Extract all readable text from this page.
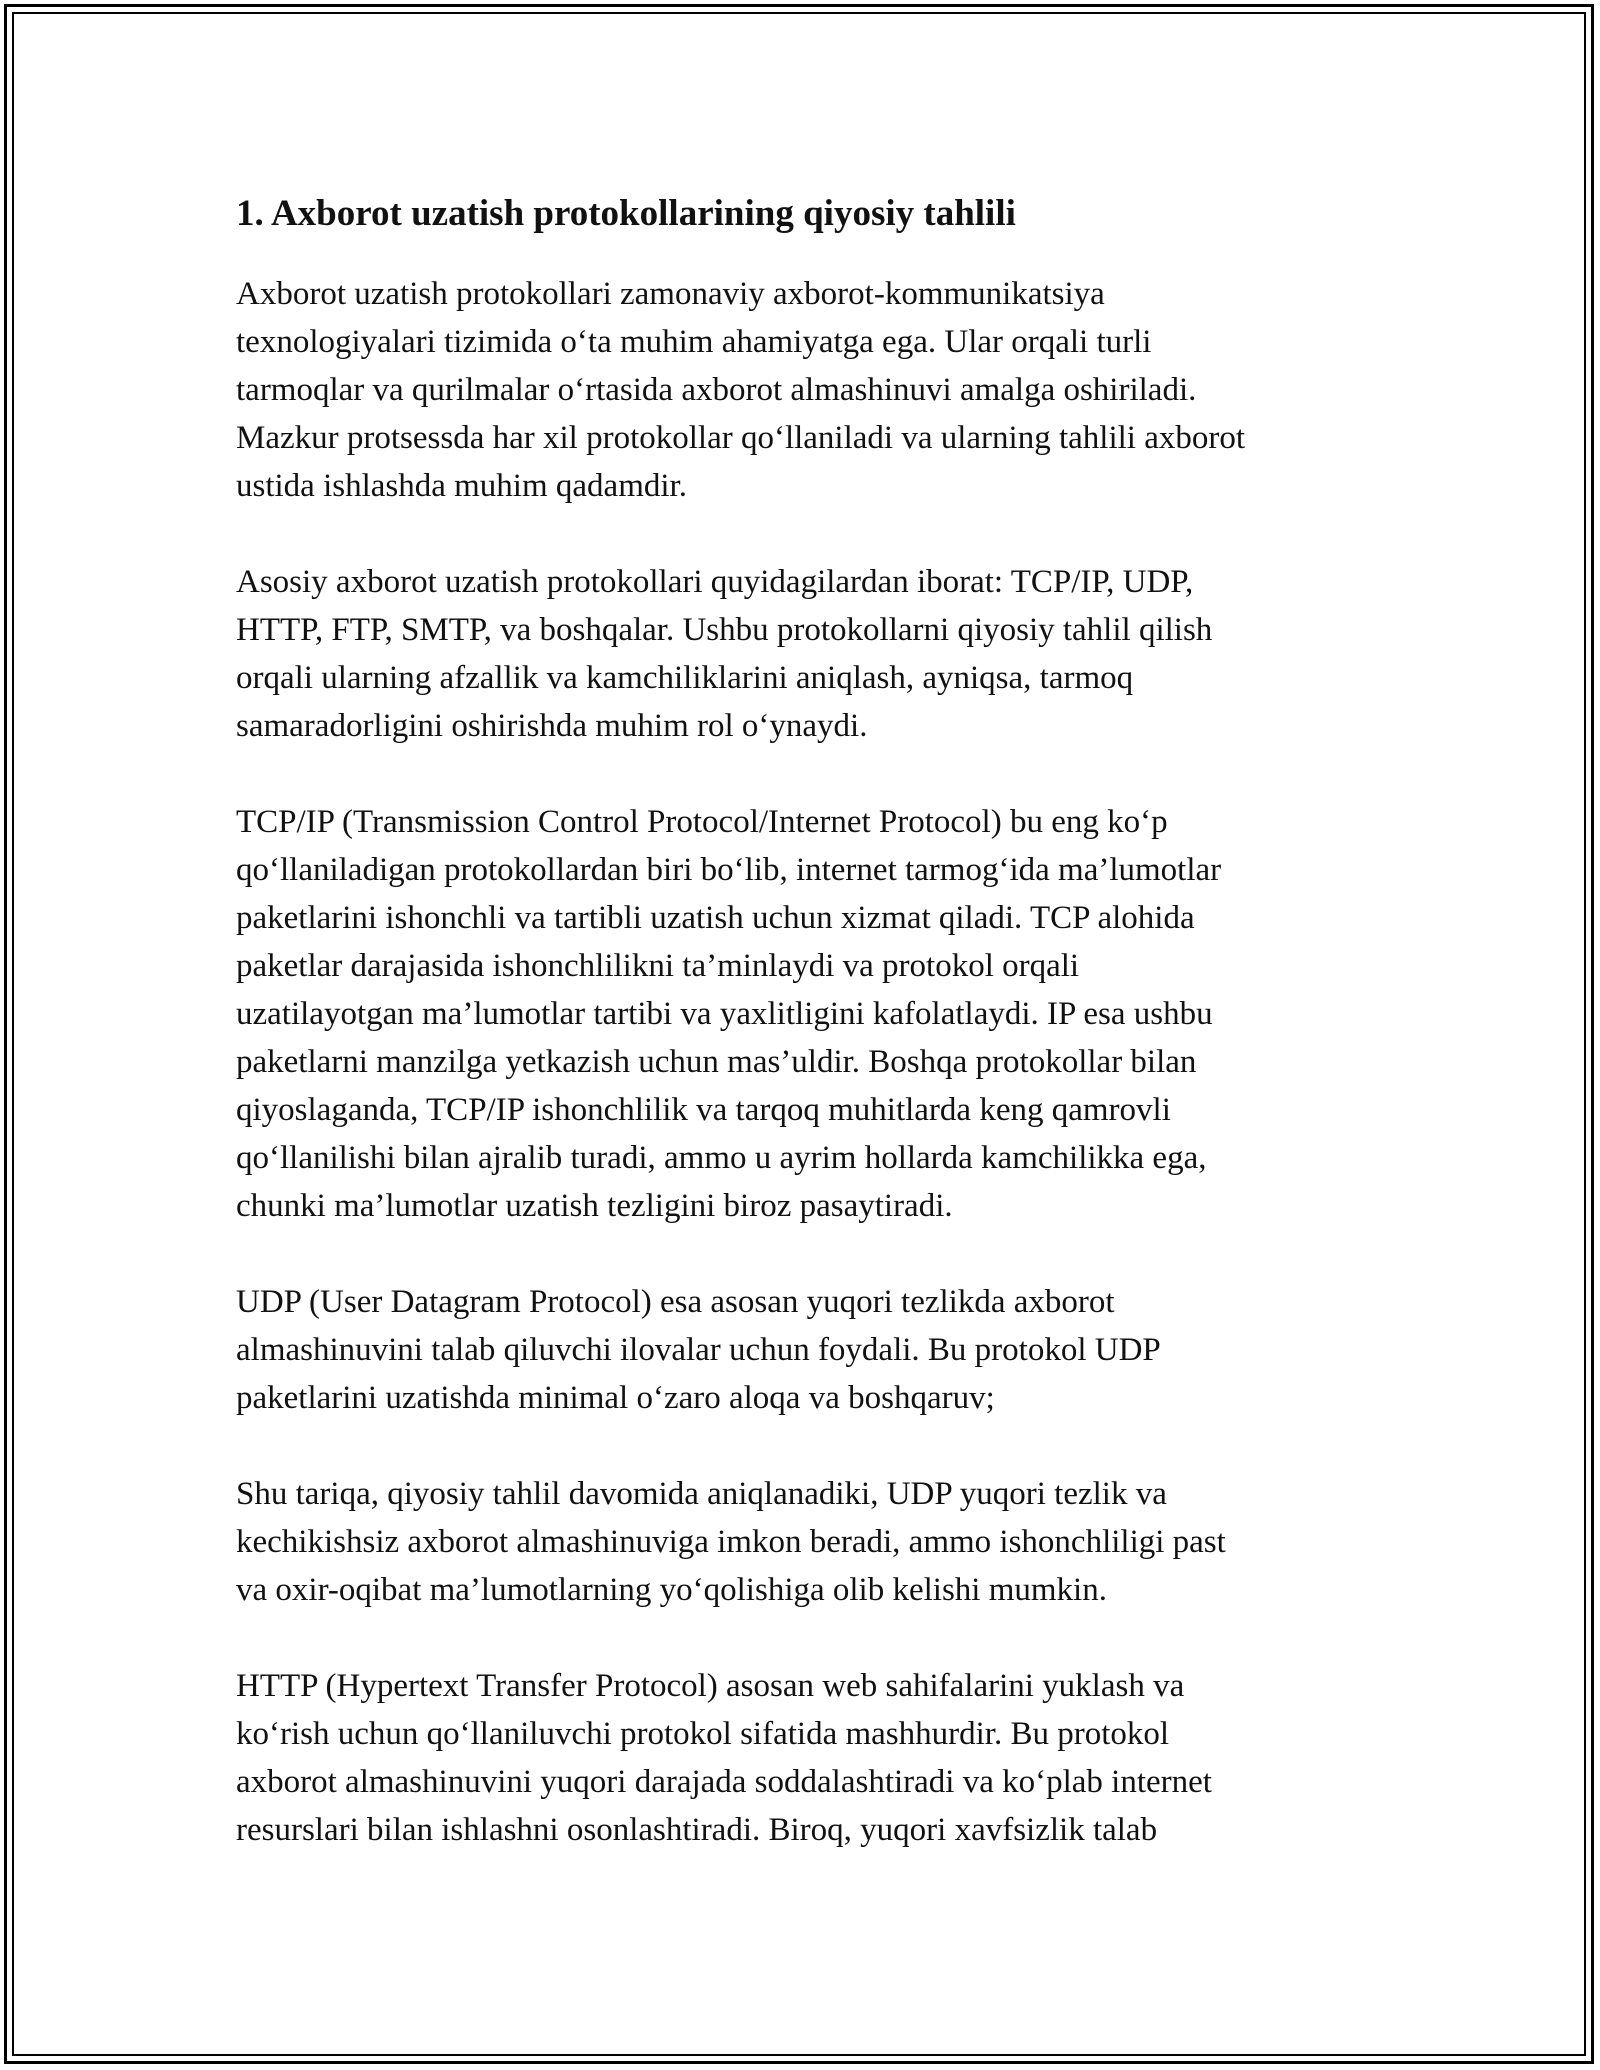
1. Axborot uzatish protokollarining qiyosiy tahlili

Axborot uzatish protokollari zamonaviy axborot-kommunikatsiya
texnologiyalari tizimida o‘ta muhim ahamiyatga ega. Ular orqali turli
tarmoqlar va qurilmalar o‘rtasida axborot almashinuvi amalga oshiriladi.
Mazkur protsessda har xil protokollar qo‘llaniladi va ularning tahlili axborot
ustida ishlashda muhim qadamdir.

Asosiy axborot uzatish protokollari quyidagilardan iborat: TCP/IP, UDP,
HTTP, FTP, SMTP, va boshqalar. Ushbu protokollarni qiyosiy tahlil qilish
orqali ularning afzallik va kamchiliklarini aniqlash, ayniqsa, tarmoq
samaradorligini oshirishda muhim rol o‘ynaydi.

TCP/IP (Transmission Control Protocol/Internet Protocol) bu eng ko‘p
qo‘llaniladigan protokollardan biri bo‘lib, internet tarmog‘ida ma’lumotlar
paketlarini ishonchli va tartibli uzatish uchun xizmat qiladi. TCP alohida
paketlar darajasida ishonchlilikni ta’minlaydi va protokol orqali
uzatilayotgan ma’lumotlar tartibi va yaxlitligini kafolatlaydi. IP esa ushbu
paketlarni manzilga yetkazish uchun mas’uldir. Boshqa protokollar bilan
qiyoslaganda, TCP/IP ishonchlilik va tarqoq muhitlarda keng qamrovli
qo‘llanilishi bilan ajralib turadi, ammo u ayrim hollarda kamchilikka ega,
chunki ma’lumotlar uzatish tezligini biroz pasaytiradi.

UDP (User Datagram Protocol) esa asosan yuqori tezlikda axborot
almashinuvini talab qiluvchi ilovalar uchun foydali. Bu protokol UDP
paketlarini uzatishda minimal o‘zaro aloqa va boshqaruv;

Shu tariqa, qiyosiy tahlil davomida aniqlanadiki, UDP yuqori tezlik va
kechikishsiz axborot almashinuviga imkon beradi, ammo ishonchliligi past
va oxir-oqibat ma’lumotlarning yo‘qolishiga olib kelishi mumkin.

HTTP (Hypertext Transfer Protocol) asosan web sahifalarini yuklash va
ko‘rish uchun qo‘llaniluvchi protokol sifatida mashhurdir. Bu protokol
axborot almashinuvini yuqori darajada soddalashtiradi va ko‘plab internet
resurslari bilan ishlashni osonlashtiradi. Biroq, yuqori xavfsizlik talab
